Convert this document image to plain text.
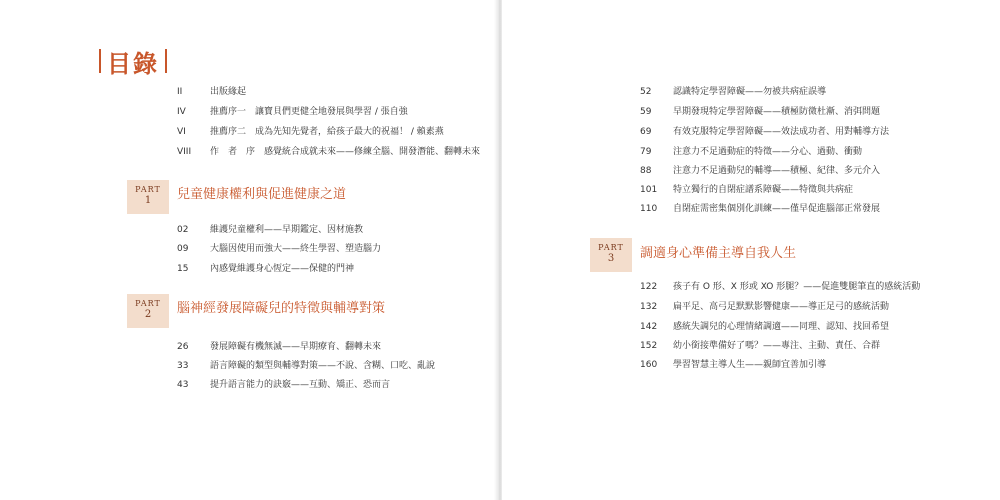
目錄
II	出版緣起
IV	推薦序一　讓寶貝們更健全地發展與學習 / 張自強
VI	推薦序二　成為先知先覺者，給孩子最大的祝福！ / 賴素燕
VIII 作　者　序　感覺統合成就未來——修練全腦、開發潛能、翻轉未來
PART
1	兒童健康權利與促進健康之道
02 維護兒童權利——早期鑑定、因材施教
09 大腦因使用而強大——終生學習、塑造腦力
15 內感覺維護身心恆定——保健的門神
PART
2	腦神經發展障礙兒的特徵與輔導對策
26 發展障礙有機無滅——早期療育、翻轉未來
33 語言障礙的類型與輔導對策——不說、含糊、口吃、亂說
43 提升語言能力的訣竅——互動、矯正、恐而言
52 認識特定學習障礙——勿被共病症誤導
59 早期發現特定學習障礙——積極防微杜漸、消弭問題
69 有效克服特定學習障礙——效法成功者、用對輔導方法
79 注意力不足過動症的特徵——分心、過動、衝動
88 注意力不足過動兒的輔導——積極、紀律、多元介入
101 特立獨行的自閉症譜系障礙——特徵與共病症
110 自閉症需密集個別化訓練——僅早促進腦部正常發展
PART
3	調適身心準備主導自我人生
122 孩子有 O 形、X 形或 XO 形腿？——促進雙腿筆直的感統活動
132 扁平足、高弓足默默影響健康——導正足弓的感統活動
142 感統失調兒的心理情緒調適——同理、認知、找回希望
152 幼小銜接準備好了嗎？——專注、主動、責任、合群
160 學習智慧主導人生——親師宜善加引導
